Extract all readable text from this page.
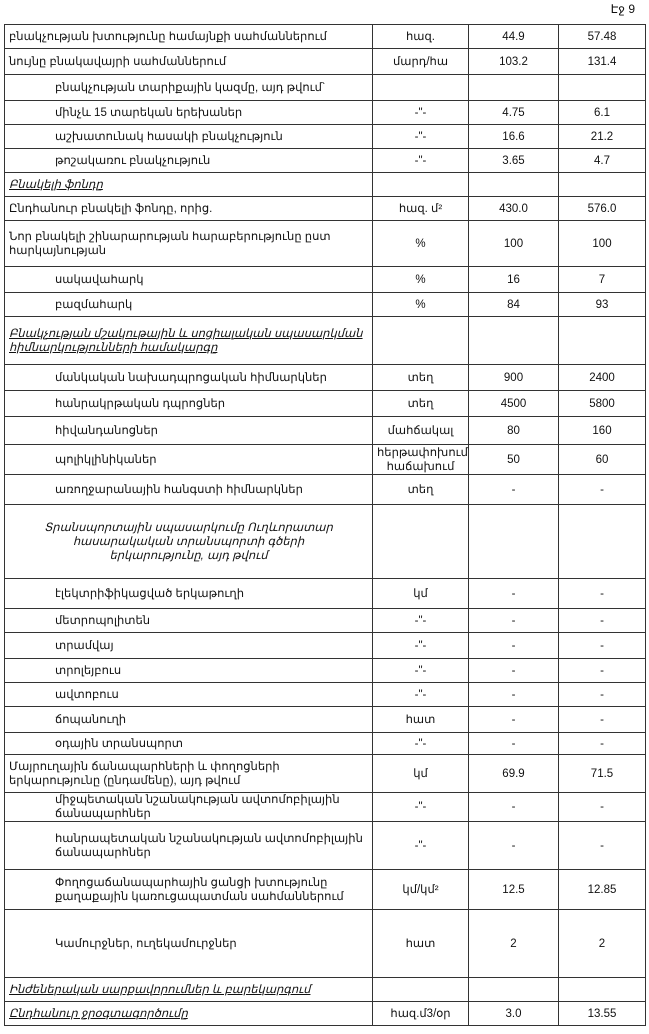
Էջ 9
բնակչության խտությունը համայնքի սահմաններում	հազ.	44.9	57.48
նույնը բնակավայրի սահմաններում	մարդ/հա	103.2	131.4
բնակչության տարիքային կազմը, այդ թվում՝			
մինչև 15 տարեկան երեխաներ	-"-	4.75	6.1
աշխատունակ հասակի բնակչություն	-"-	16.6	21.2
թոշակառու բնակչություն	-"-	3.65	4.7
Բնակելի ֆոնդը			
Ընդհանուր բնակելի ֆոնդը, որից.	հազ. մ²	430.0	576.0
Նոր բնակելի շինարարության հարաբերությունը ըստ հարկայնության	%	100	100
սակավահարկ	%	16	7
բազմահարկ	%	84	93
Բնակչության մշակութային և սոցիալական սպասարկման հիմնարկությունների համակարգը			
մանկական նախադպրոցական հիմնարկներ	տեղ	900	2400
հանրակրթական դպրոցներ	տեղ	4500	5800
հիվանդանոցներ	մահճակալ	80	160
պոլիկլինիկաներ	հերթափոխում հաճախում	50	60
առողջարանային հանգստի հիմնարկներ	տեղ	-	-
Տրանսպորտային սպասարկումը Ուղևորատար հասարակական տրանսպորտի գծերի երկարությունը, այդ թվում			
էլեկտրիֆիկացված երկաթուղի	կմ	-	-
մետրոպոլիտեն	-"-	-	-
տրամվայ	-"-	-	-
տրոլեյբուս	-"-	-	-
ավտոբուս	-"-	-	-
ճոպանուղի	հատ	-	-
օդային տրանսպորտ	-"-	-	-
Մայրուղային ճանապարհների և փողոցների երկարությունը (ընդամենը), այդ թվում	կմ	69.9	71.5
միջպետական նշանակության ավտոմոբիլային ճանապարհներ	-"-	-	-
հանրապետական նշանակության ավտոմոբիլային ճանապարհներ	-"-	-	-
Փողոցաճանապարհային ցանցի խտությունը քաղաքային կառուցապատման սահմաններում	կմ/կմ²	12.5	12.85
Կամուրջներ, ուղեկամուրջներ	հատ	2	2
Ինժեներական սարքավորումներ և բարեկարգում			
Ընդհանուր ջրօգտագործումը	հազ.մ3/օր	3.0	13.55
